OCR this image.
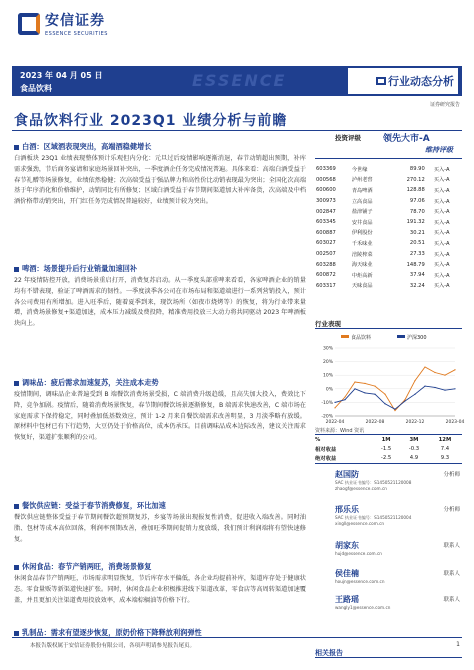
安信证券
ESSENCE SECURITIES
2023 年 04 月 05 日
食品饮料	ESSENCE	行业动态分析
证券研究报告
食品饮料行业 2023Q1 业绩分析与前瞻
白酒：区域酒表现突出，高端酒稳健增长
白酒板块 23Q1 业绩表现整体预计乐观但内分化：元旦过后疫情影响逐渐消退，春节动销超出预期，补库需求强劲，节后商务宴请和家庭场景回补突出，一季度酒企任务完成情况普遍。具体来看：高端白酒受益于春节礼赠等场景修复，业绩依然稳健；次高端受益于强品牌力和高性价比动销表现最为突出；全国化次高端基于年序消化和价格维护，动销同比有所修复；区域白酒受益于春节期间渠道加大补库备货，次高端及中档酒价格带动销突出，开门红任务完成情况普遍较好，业绩预计较为突出。
啤酒：场景提升后行业销量加速回补
22 年疫情防控开放，消费场景重启打开，消费复苏启动。从一季度头部重啤来看看，各家啤酒企业的销量均有不错表现，验证了啤酒需求的韧性。一季度淡季各公司在市场布局和渠道端进行一系列营销投入，预计各公司费用有所增加。进入旺季后，随着夏季到来，现饮场所（如夜市烧烤等）的恢复，将为行业带来量增，消费场景修复+渠道加速，成本压力减缓及费投降，精准费用投放三大动力将共同驱动 2023 年啤酒板块向上。
调味品：疲后需求加速复苏，关注成本走势
疫情期间，调味品企业普遍受到 B 端餐饮消费场景受损，C 端消费升级趋缓，且高失加大投入，费效比下降，竞争加剧。疫情后，随着消费场景恢复，春节期间餐饮场景逐渐修复，B 端需求快速改善，C 端市场在家庭需求下保持稳定，同时叠加低基数效应，预计 1-2 月来自餐饮端需求改善明显，3 月淡季略有放缓。原材料中包材已有下行趋势，大豆仍处于价格高位，成本仍承压。目前调味品成本边际改善，建议关注需求恢复好，渠道扩张顺利的公司。
餐饮供应链：受益于春节消费修复，环比加速
餐饮供应链整体受益于春节期间餐饮超预期复苏，乡宴等场景出现报复性消费，促进收入端改善。同时油脂、包材等成本高位回落，利润率预期改善，叠加旺季期间促销力度放缓，我们预计利润端将有望快速修复。
休闲食品：春节产销两旺，消费场景修复
休闲食品春节产销两旺，市场需求明显恢复，节后库存水平偏低，各企业均提前补库，渠道库存处于健康状态。零食量贩等新渠道快速扩张。同时，休闲食品企业积极推进线下渠道改革，零食店等高周转渠道加速覆盖，并且更加关注渠道费用投放效率，成本端棕榈油等价格下行。
乳制品：需求有望逐步恢复，原奶价格下降释放利润弹性
投资评级 领先大市-A
维持评级
603369	今世缘	89.90	买入-A
000568	泸州老窖	270.12	买入-A
600600	青岛啤酒	128.88	买入-A
300973	立高食品	97.06	买入-A
002847	盐津铺子	78.70	买入-A
603345	安井食品	191.32	买入-A
600887	伊利股份	30.21	买入-A
603027	千禾味业	20.51	买入-A
002507	涪陵榨菜	27.33	买入-A
603288	海天味业	148.79	买入-A
600872	中炬高新	37.94	买入-A
603317	天味食品	32.24	买入-A
行业表现
食品饮料	沪深300
30%
20%
10%
0%
-10%
-20%
2022-04	2022-08	2022-12	2023-04
资料来源：Wind 资讯
%	1M	3M	12M
相对收益	-1.5	-0.3	7.4
绝对收益	-2.5	4.9	9.3
赵国防	分析师
SAC 执业证书编号：S1450521120008
zhaogf@essence.com.cn
邢乐乐	分析师
SAC 执业证书编号：S1450521120004
xingll@essence.com.cn
胡家东	联系人
hujd@essence.com.cn
侯佳楠	联系人
houjn@essence.com.cn
王路瑶	联系人
wangly1@essence.com.cn
相关报告
本报告版权属于安信证券股份有限公司，各项声明请参见报告尾页。	1
